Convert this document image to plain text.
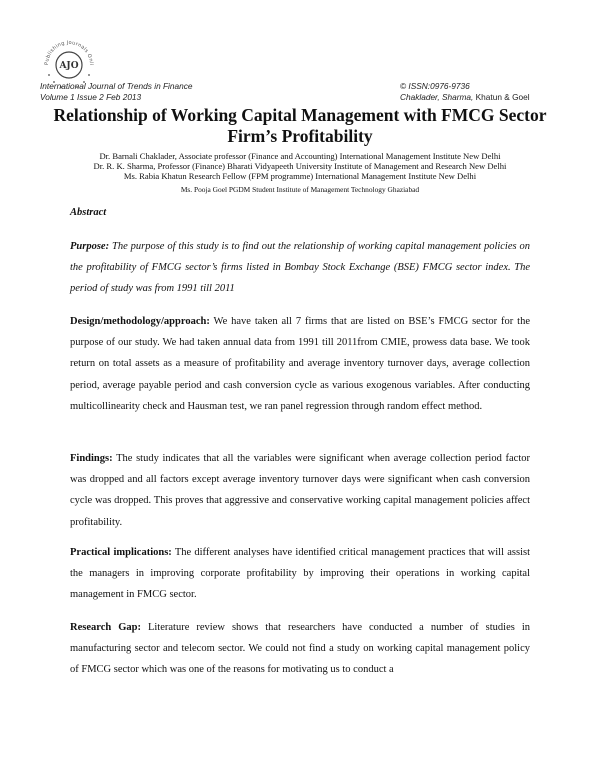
Publishing Journals Onli
AJO
International Journal of Trends in Finance
Volume 1 Issue 2 Feb 2013
© ISSN:0976-9736
Chaklader, Sharma, Khatun & Goel
Relationship of Working Capital Management with FMCG Sector Firm’s Profitability
Dr. Barnali Chaklader, Associate professor (Finance and Accounting) International Management Institute New Delhi
Dr. R. K. Sharma, Professor (Finance) Bharati Vidyapeeth University Institute of Management and Research New Delhi
Ms. Rabia Khatun Research Fellow (FPM programme) International Management Institute New Delhi
Ms. Pooja Goel PGDM Student Institute of Management Technology Ghaziabad
Abstract
Purpose: The purpose of this study is to find out the relationship of working capital management policies on the profitability of FMCG sector’s firms listed in Bombay Stock Exchange (BSE) FMCG sector index. The period of study was from 1991 till 2011
Design/methodology/approach: We have taken all 7 firms that are listed on BSE’s FMCG sector for the purpose of our study. We had taken annual data from 1991 till 2011from CMIE, prowess data base. We took return on total assets as a measure of profitability and average inventory turnover days, average collection period, average payable period and cash conversion cycle as various exogenous variables. After conducting multicollinearity check and Hausman test, we ran panel regression through random effect method.
Findings: The study indicates that all the variables were significant when average collection period factor was dropped and all factors except average inventory turnover days were significant when cash conversion cycle was dropped. This proves that aggressive and conservative working capital management policies affect profitability.
Practical implications: The different analyses have identified critical management practices that will assist the managers in improving corporate profitability by improving their operations in working capital management in FMCG sector.
Research Gap: Literature review shows that researchers have conducted a number of studies in manufacturing sector and telecom sector. We could not find a study on working capital management policy of FMCG sector which was one of the reasons for motivating us to conduct a
